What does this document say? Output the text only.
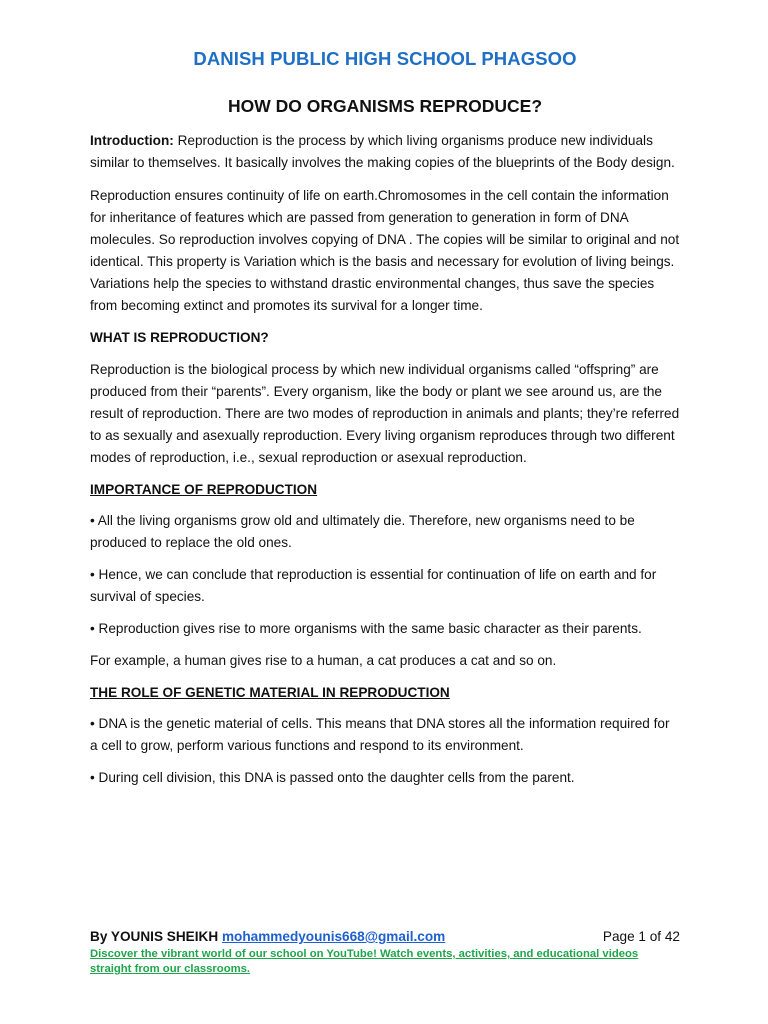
DANISH PUBLIC HIGH SCHOOL PHAGSOO
HOW DO ORGANISMS REPRODUCE?

Introduction: Reproduction is the process by which living organisms produce new individuals similar to themselves. It basically involves the making copies of the blueprints of the Body design.

Reproduction ensures continuity of life on earth.Chromosomes in the cell contain the information for inheritance of features which are passed from generation to generation in form of DNA molecules. So reproduction involves copying of DNA . The copies will be similar to original and not identical. This property is Variation which is the basis and necessary for evolution of living beings. Variations help the species to withstand drastic environmental changes, thus save the species from becoming extinct and promotes its survival for a longer time.

WHAT IS REPRODUCTION?

Reproduction is the biological process by which new individual organisms called “offspring” are produced from their “parents”. Every organism, like the body or plant we see around us, are the result of reproduction. There are two modes of reproduction in animals and plants; they’re referred to as sexually and asexually reproduction. Every living organism reproduces through two different modes of reproduction, i.e., sexual reproduction or asexual reproduction.

IMPORTANCE OF REPRODUCTION

• All the living organisms grow old and ultimately die. Therefore, new organisms need to be produced to replace the old ones.

• Hence, we can conclude that reproduction is essential for continuation of life on earth and for survival of species.

• Reproduction gives rise to more organisms with the same basic character as their parents.

For example, a human gives rise to a human, a cat produces a cat and so on.

THE ROLE OF GENETIC MATERIAL IN REPRODUCTION

• DNA is the genetic material of cells. This means that DNA stores all the information required for a cell to grow, perform various functions and respond to its environment.

• During cell division, this DNA is passed onto the daughter cells from the parent.

By YOUNIS SHEIKH mohammedyounis668@gmail.com	Page 1 of 42
Discover the vibrant world of our school on YouTube! Watch events, activities, and educational videos straight from our classrooms.
